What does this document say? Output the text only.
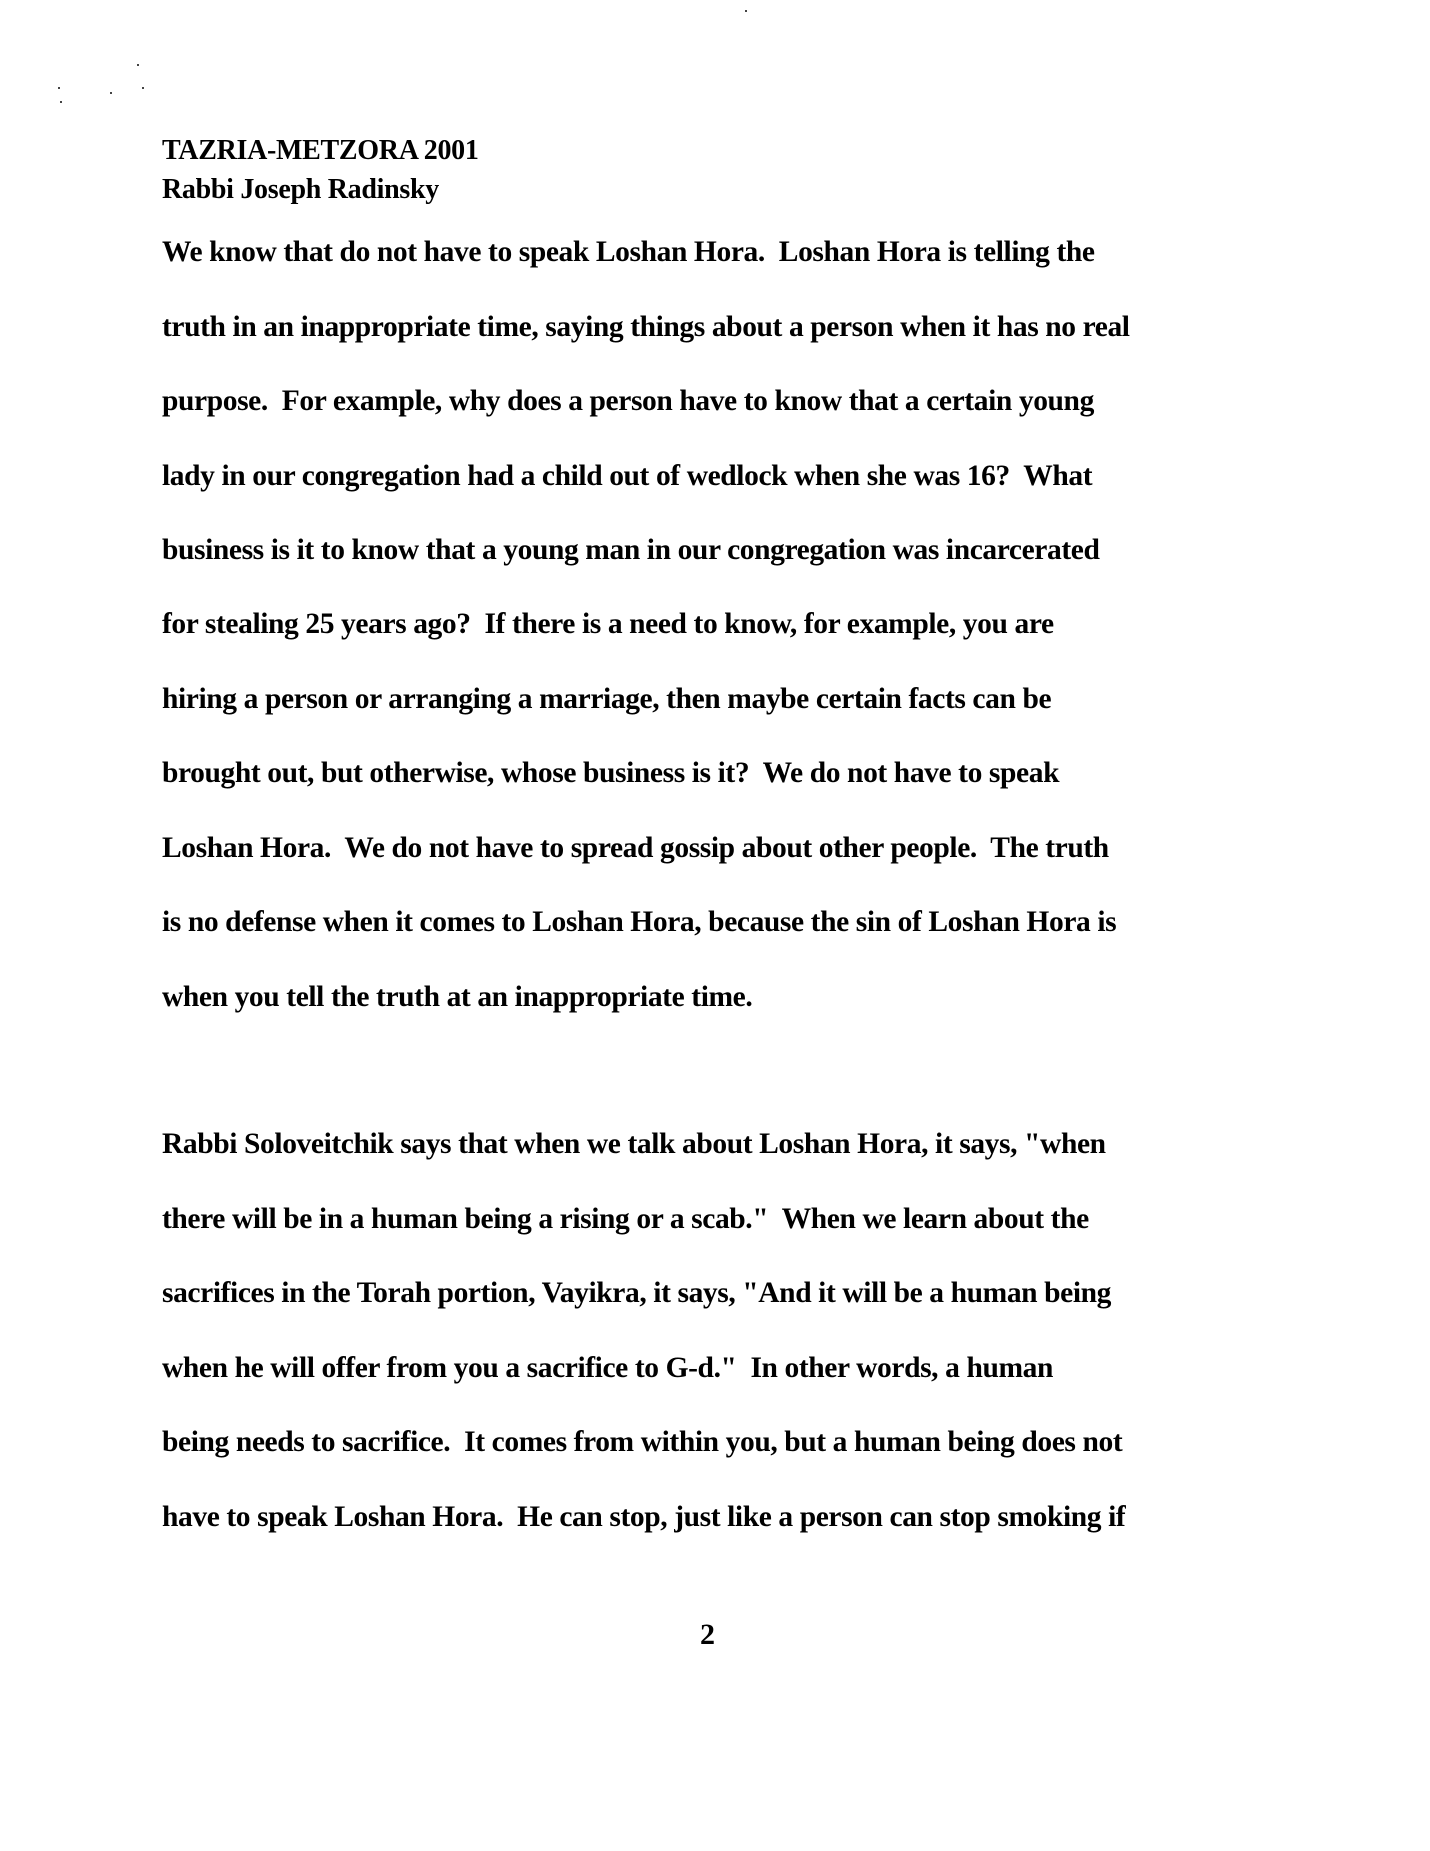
TAZRIA-METZORA 2001
Rabbi Joseph Radinsky
We know that do not have to speak Loshan Hora.  Loshan Hora is telling the
truth in an inappropriate time, saying things about a person when it has no real
purpose.  For example, why does a person have to know that a certain young
lady in our congregation had a child out of wedlock when she was 16?  What
business is it to know that a young man in our congregation was incarcerated
for stealing 25 years ago?  If there is a need to know, for example, you are
hiring a person or arranging a marriage, then maybe certain facts can be
brought out, but otherwise, whose business is it?  We do not have to speak
Loshan Hora.  We do not have to spread gossip about other people.  The truth
is no defense when it comes to Loshan Hora, because the sin of Loshan Hora is
when you tell the truth at an inappropriate time.
Rabbi Soloveitchik says that when we talk about Loshan Hora, it says, "when
there will be in a human being a rising or a scab."  When we learn about the
sacrifices in the Torah portion, Vayikra, it says, "And it will be a human being
when he will offer from you a sacrifice to G-d."  In other words, a human
being needs to sacrifice.  It comes from within you, but a human being does not
have to speak Loshan Hora.  He can stop, just like a person can stop smoking if
2
